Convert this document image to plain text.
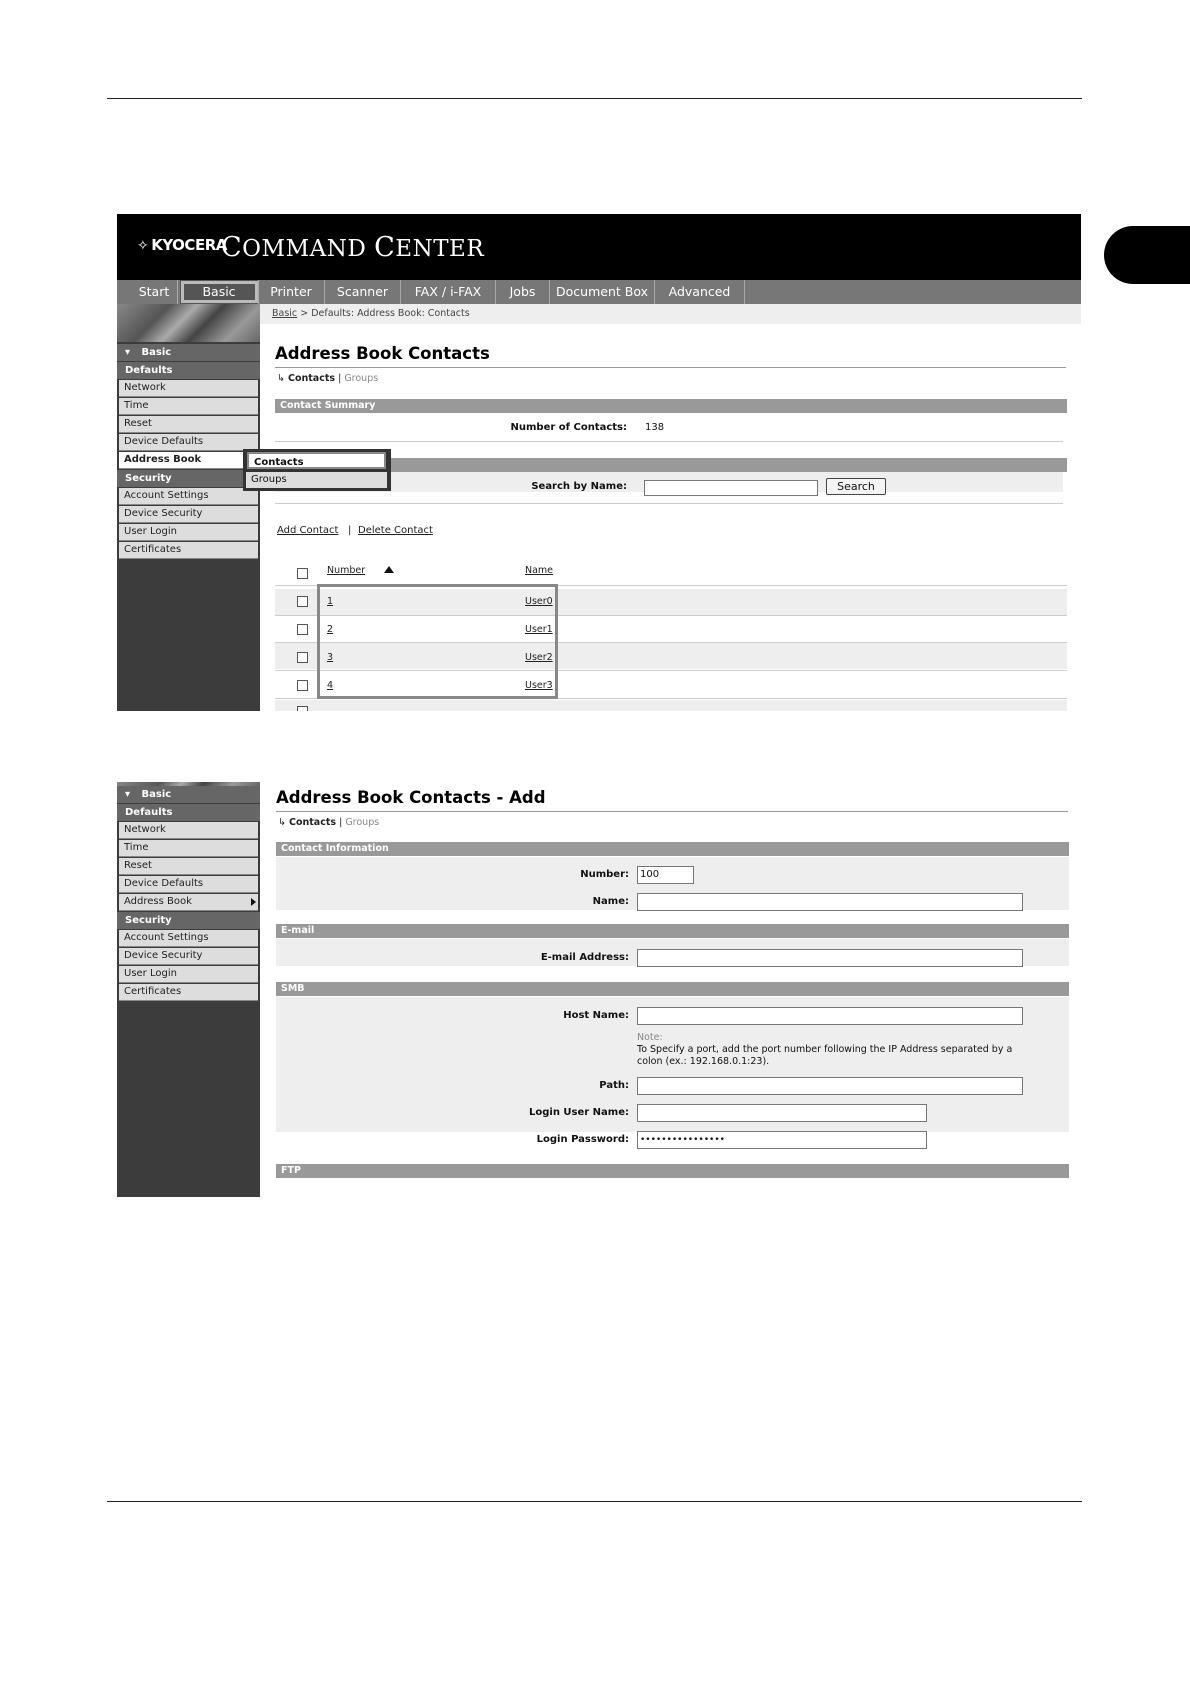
✧ KYOCERA
COMMAND CENTER
Start	Basic	Printer	Scanner	FAX / i-FAX	Jobs	Document Box	Advanced
▾ Basic
Defaults
Network
Time
Reset
Device Defaults
Address Book
Security
Account Settings
Device Security
User Login
Certificates
Basic > Defaults: Address Book: Contacts
Address Book Contacts
↳ Contacts | Groups
Contact Summary
Number of Contacts: 138
Search by Name:	Search
Contacts
Groups
Add Contact | Delete Contact
Number	Name
1	User0
2	User1
3	User2
4	User3
▾ Basic
Defaults
Network
Time
Reset
Device Defaults
Address Book
Security
Account Settings
Device Security
User Login
Certificates
Address Book Contacts - Add
↳ Contacts | Groups
Contact Information
Number:	100
Name:
E-mail
E-mail Address:
SMB
Host Name:
Note:
To Specify a port, add the port number following the IP Address separated by a
colon (ex.: 192.168.0.1:23).
Path:
Login User Name:
Login Password:	••••••••••••••••
FTP
